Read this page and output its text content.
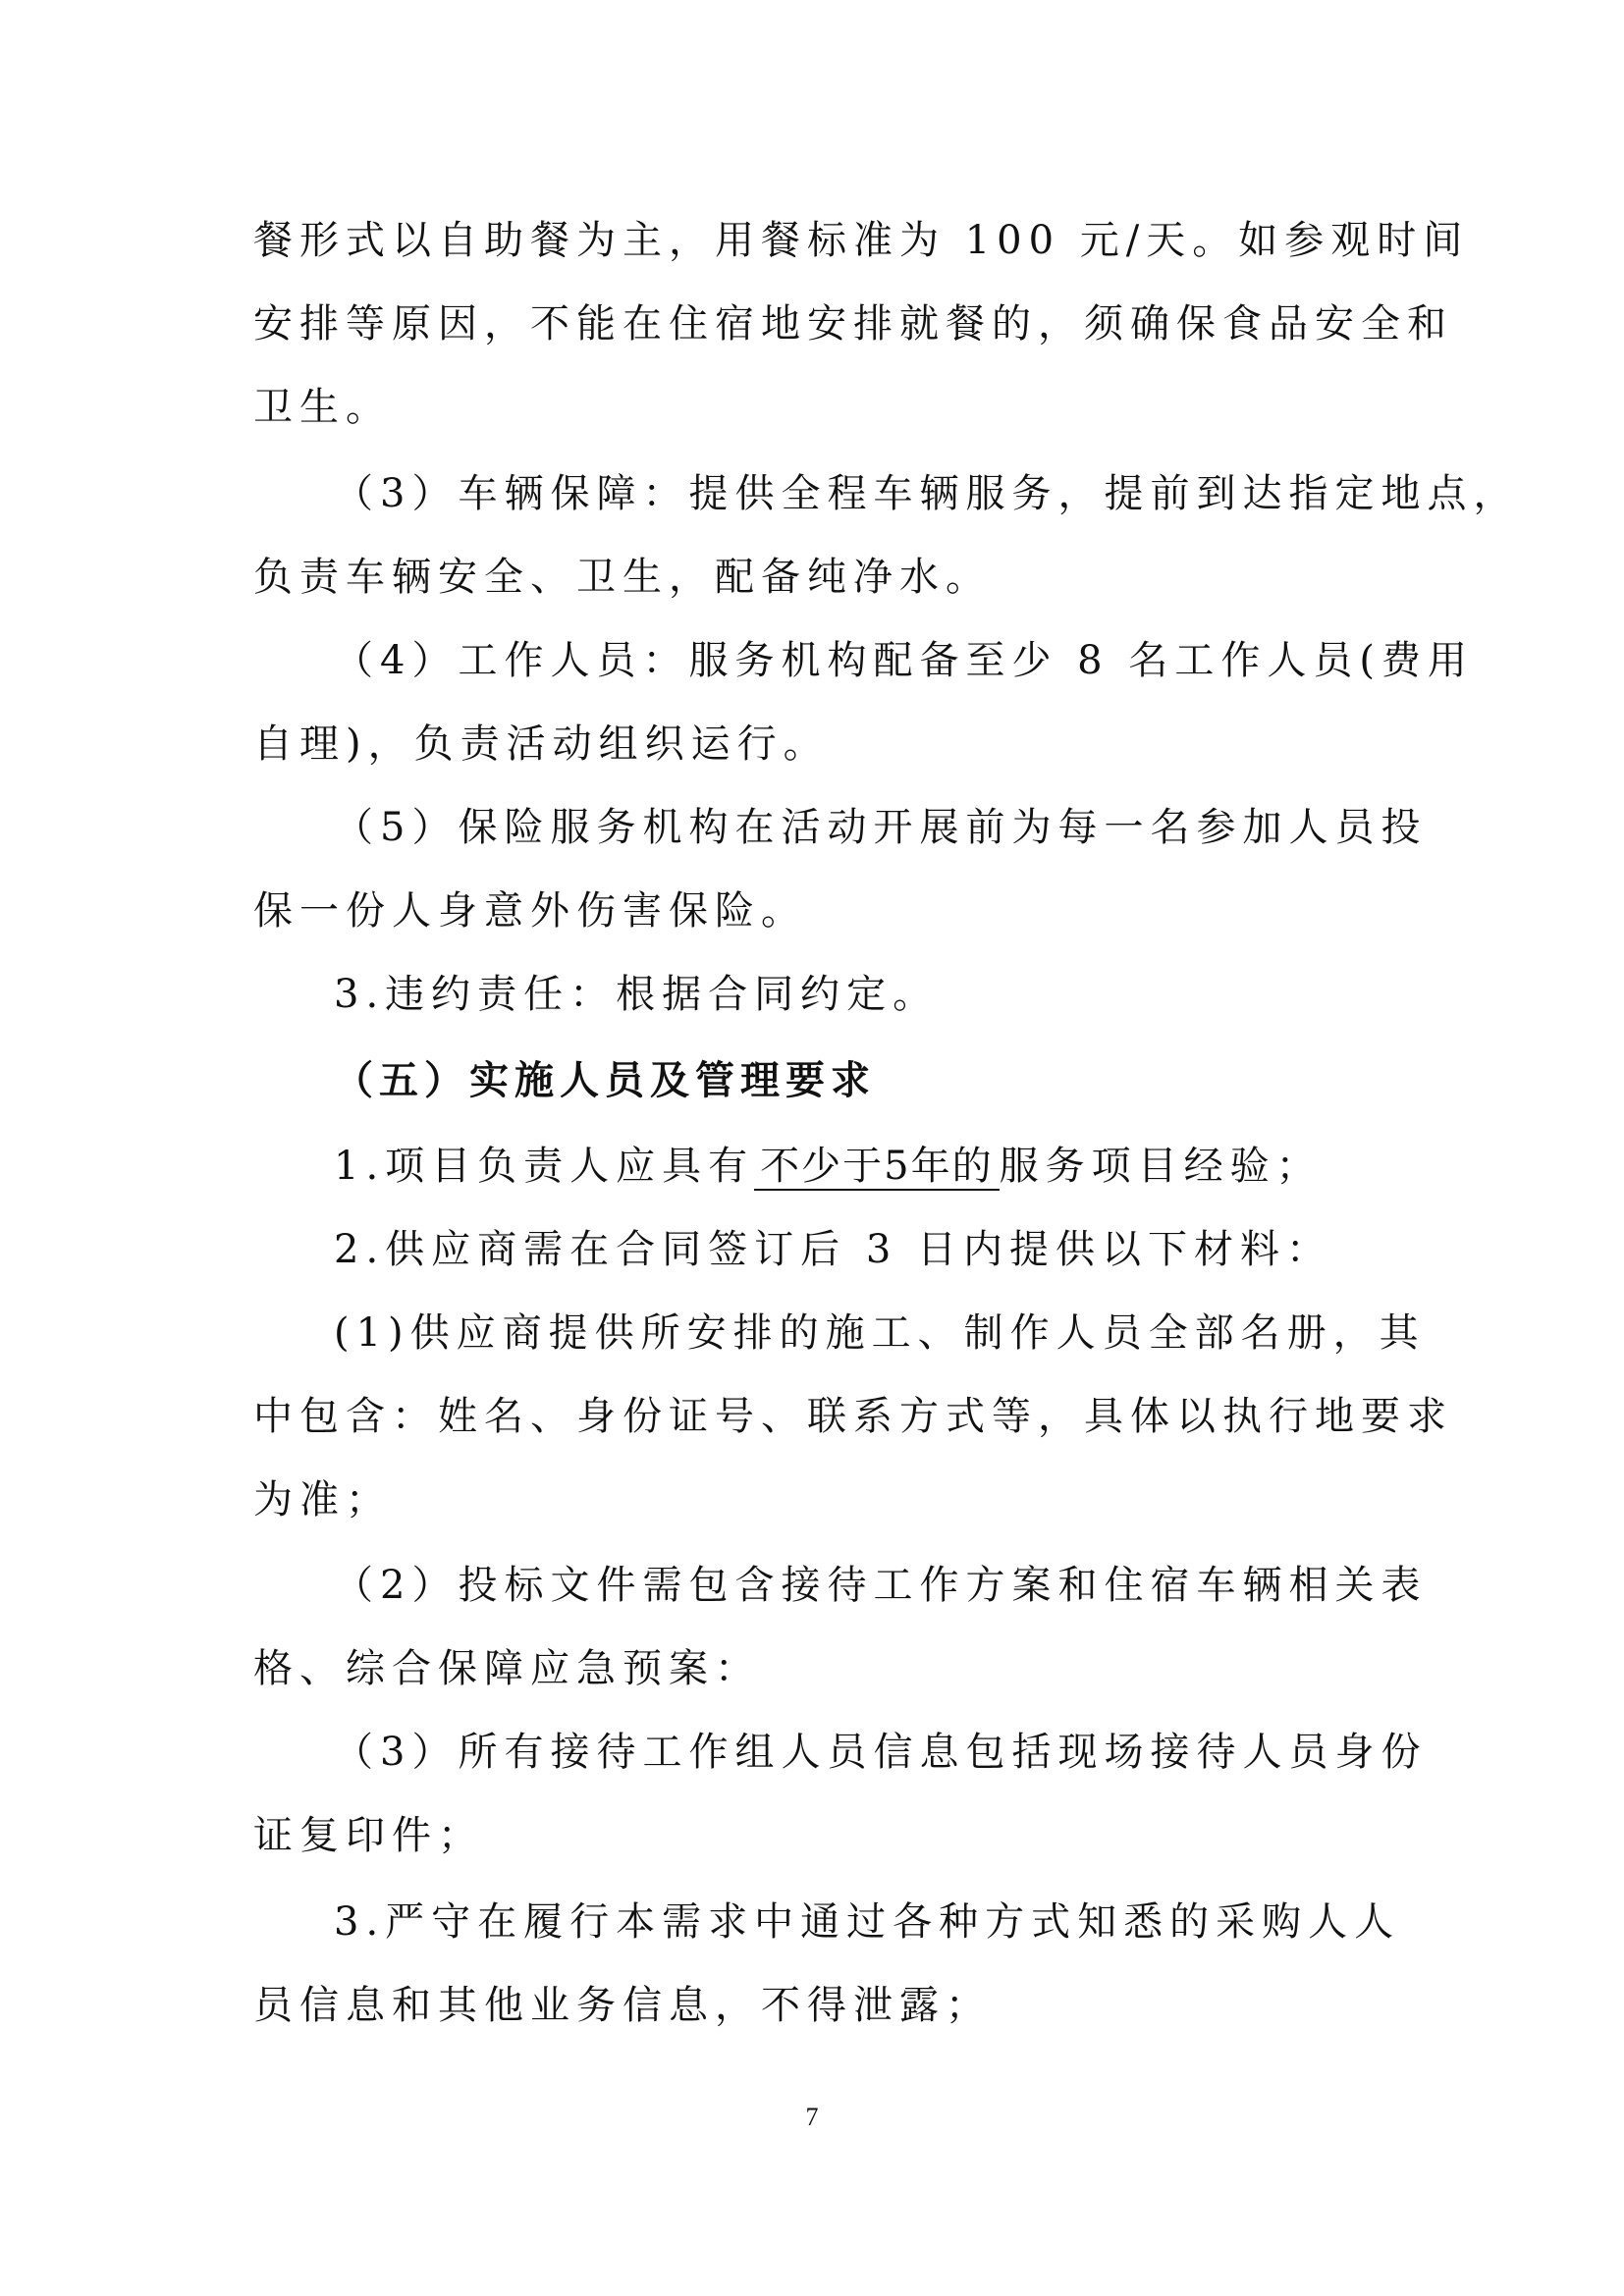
餐形式以自助餐为主，用餐标准为 100 元/天。如参观时间
安排等原因，不能在住宿地安排就餐的，须确保食品安全和
卫生。
（3）车辆保障：提供全程车辆服务，提前到达指定地点，
负责车辆安全、卫生，配备纯净水。
（4）工作人员：服务机构配备至少 8 名工作人员(费用
自理)，负责活动组织运行。
（5）保险服务机构在活动开展前为每一名参加人员投
保一份人身意外伤害保险。
3.违约责任：根据合同约定。
（五）实施人员及管理要求
1.项目负责人应具有 不少于5年的 服务项目经验；
2.供应商需在合同签订后 3 日内提供以下材料：
(1)供应商提供所安排的施工、制作人员全部名册，其
中包含：姓名、身份证号、联系方式等，具体以执行地要求
为准；
（2）投标文件需包含接待工作方案和住宿车辆相关表
格、综合保障应急预案：
（3）所有接待工作组人员信息包括现场接待人员身份
证复印件；
3.严守在履行本需求中通过各种方式知悉的采购人人
员信息和其他业务信息，不得泄露；
7
